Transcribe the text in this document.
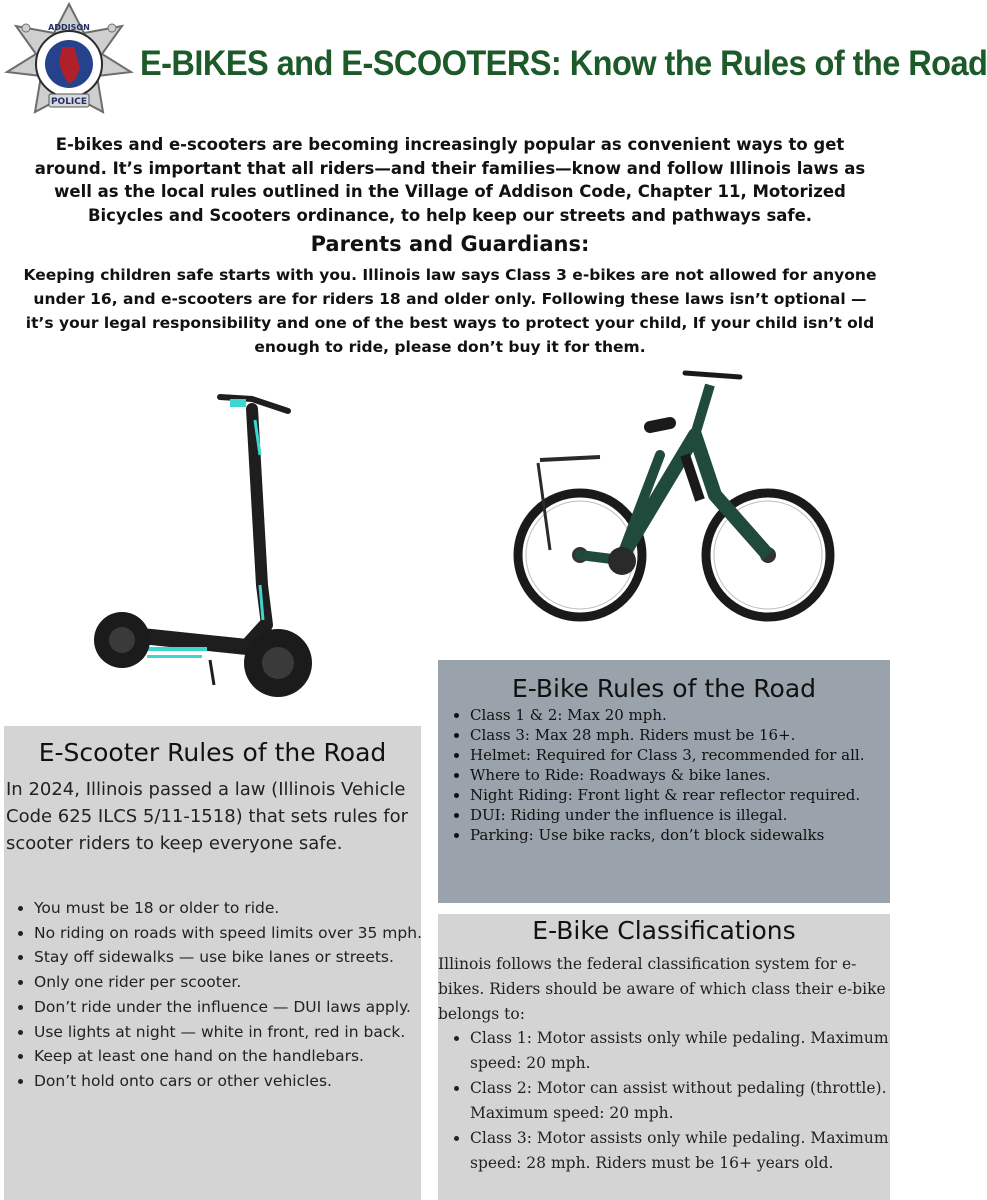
ADDISON
POLICE
E-BIKES and E-SCOOTERS: Know the Rules of the Road

E-bikes and e-scooters are becoming increasingly popular as convenient ways to get around. It’s important that all riders—and their families—know and follow Illinois laws as well as the local rules outlined in the Village of Addison Code, Chapter 11, Motorized Bicycles and Scooters ordinance, to help keep our streets and pathways safe.

Parents and Guardians:

Keeping children safe starts with you. Illinois law says Class 3 e-bikes are not allowed for anyone under 16, and e-scooters are for riders 18 and older only. Following these laws isn’t optional — it’s your legal responsibility and one of the best ways to protect your child, If your child isn’t old enough to ride, please don’t buy it for them.

E-Scooter Rules of the Road

In 2024, Illinois passed a law (Illinois Vehicle Code 625 ILCS 5/11-1518) that sets rules for scooter riders to keep everyone safe.

• You must be 18 or older to ride.
• No riding on roads with speed limits over 35 mph.
• Stay off sidewalks — use bike lanes or streets.
• Only one rider per scooter.
• Don’t ride under the influence — DUI laws apply.
• Use lights at night — white in front, red in back.
• Keep at least one hand on the handlebars.
• Don’t hold onto cars or other vehicles.
E-Bike Rules of the Road
• Class 1 & 2: Max 20 mph.
• Class 3: Max 28 mph. Riders must be 16+.
• Helmet: Required for Class 3, recommended for all.
• Where to Ride: Roadways & bike lanes.
• Night Riding: Front light & rear reflector required.
• DUI: Riding under the influence is illegal.
• Parking: Use bike racks, don’t block sidewalks
E-Bike Classifications

Illinois follows the federal classification system for e-bikes. Riders should be aware of which class their e-bike belongs to:

• Class 1: Motor assists only while pedaling. Maximum speed: 20 mph.
• Class 2: Motor can assist without pedaling (throttle). Maximum speed: 20 mph.
• Class 3: Motor assists only while pedaling. Maximum speed: 28 mph. Riders must be 16+ years old.
